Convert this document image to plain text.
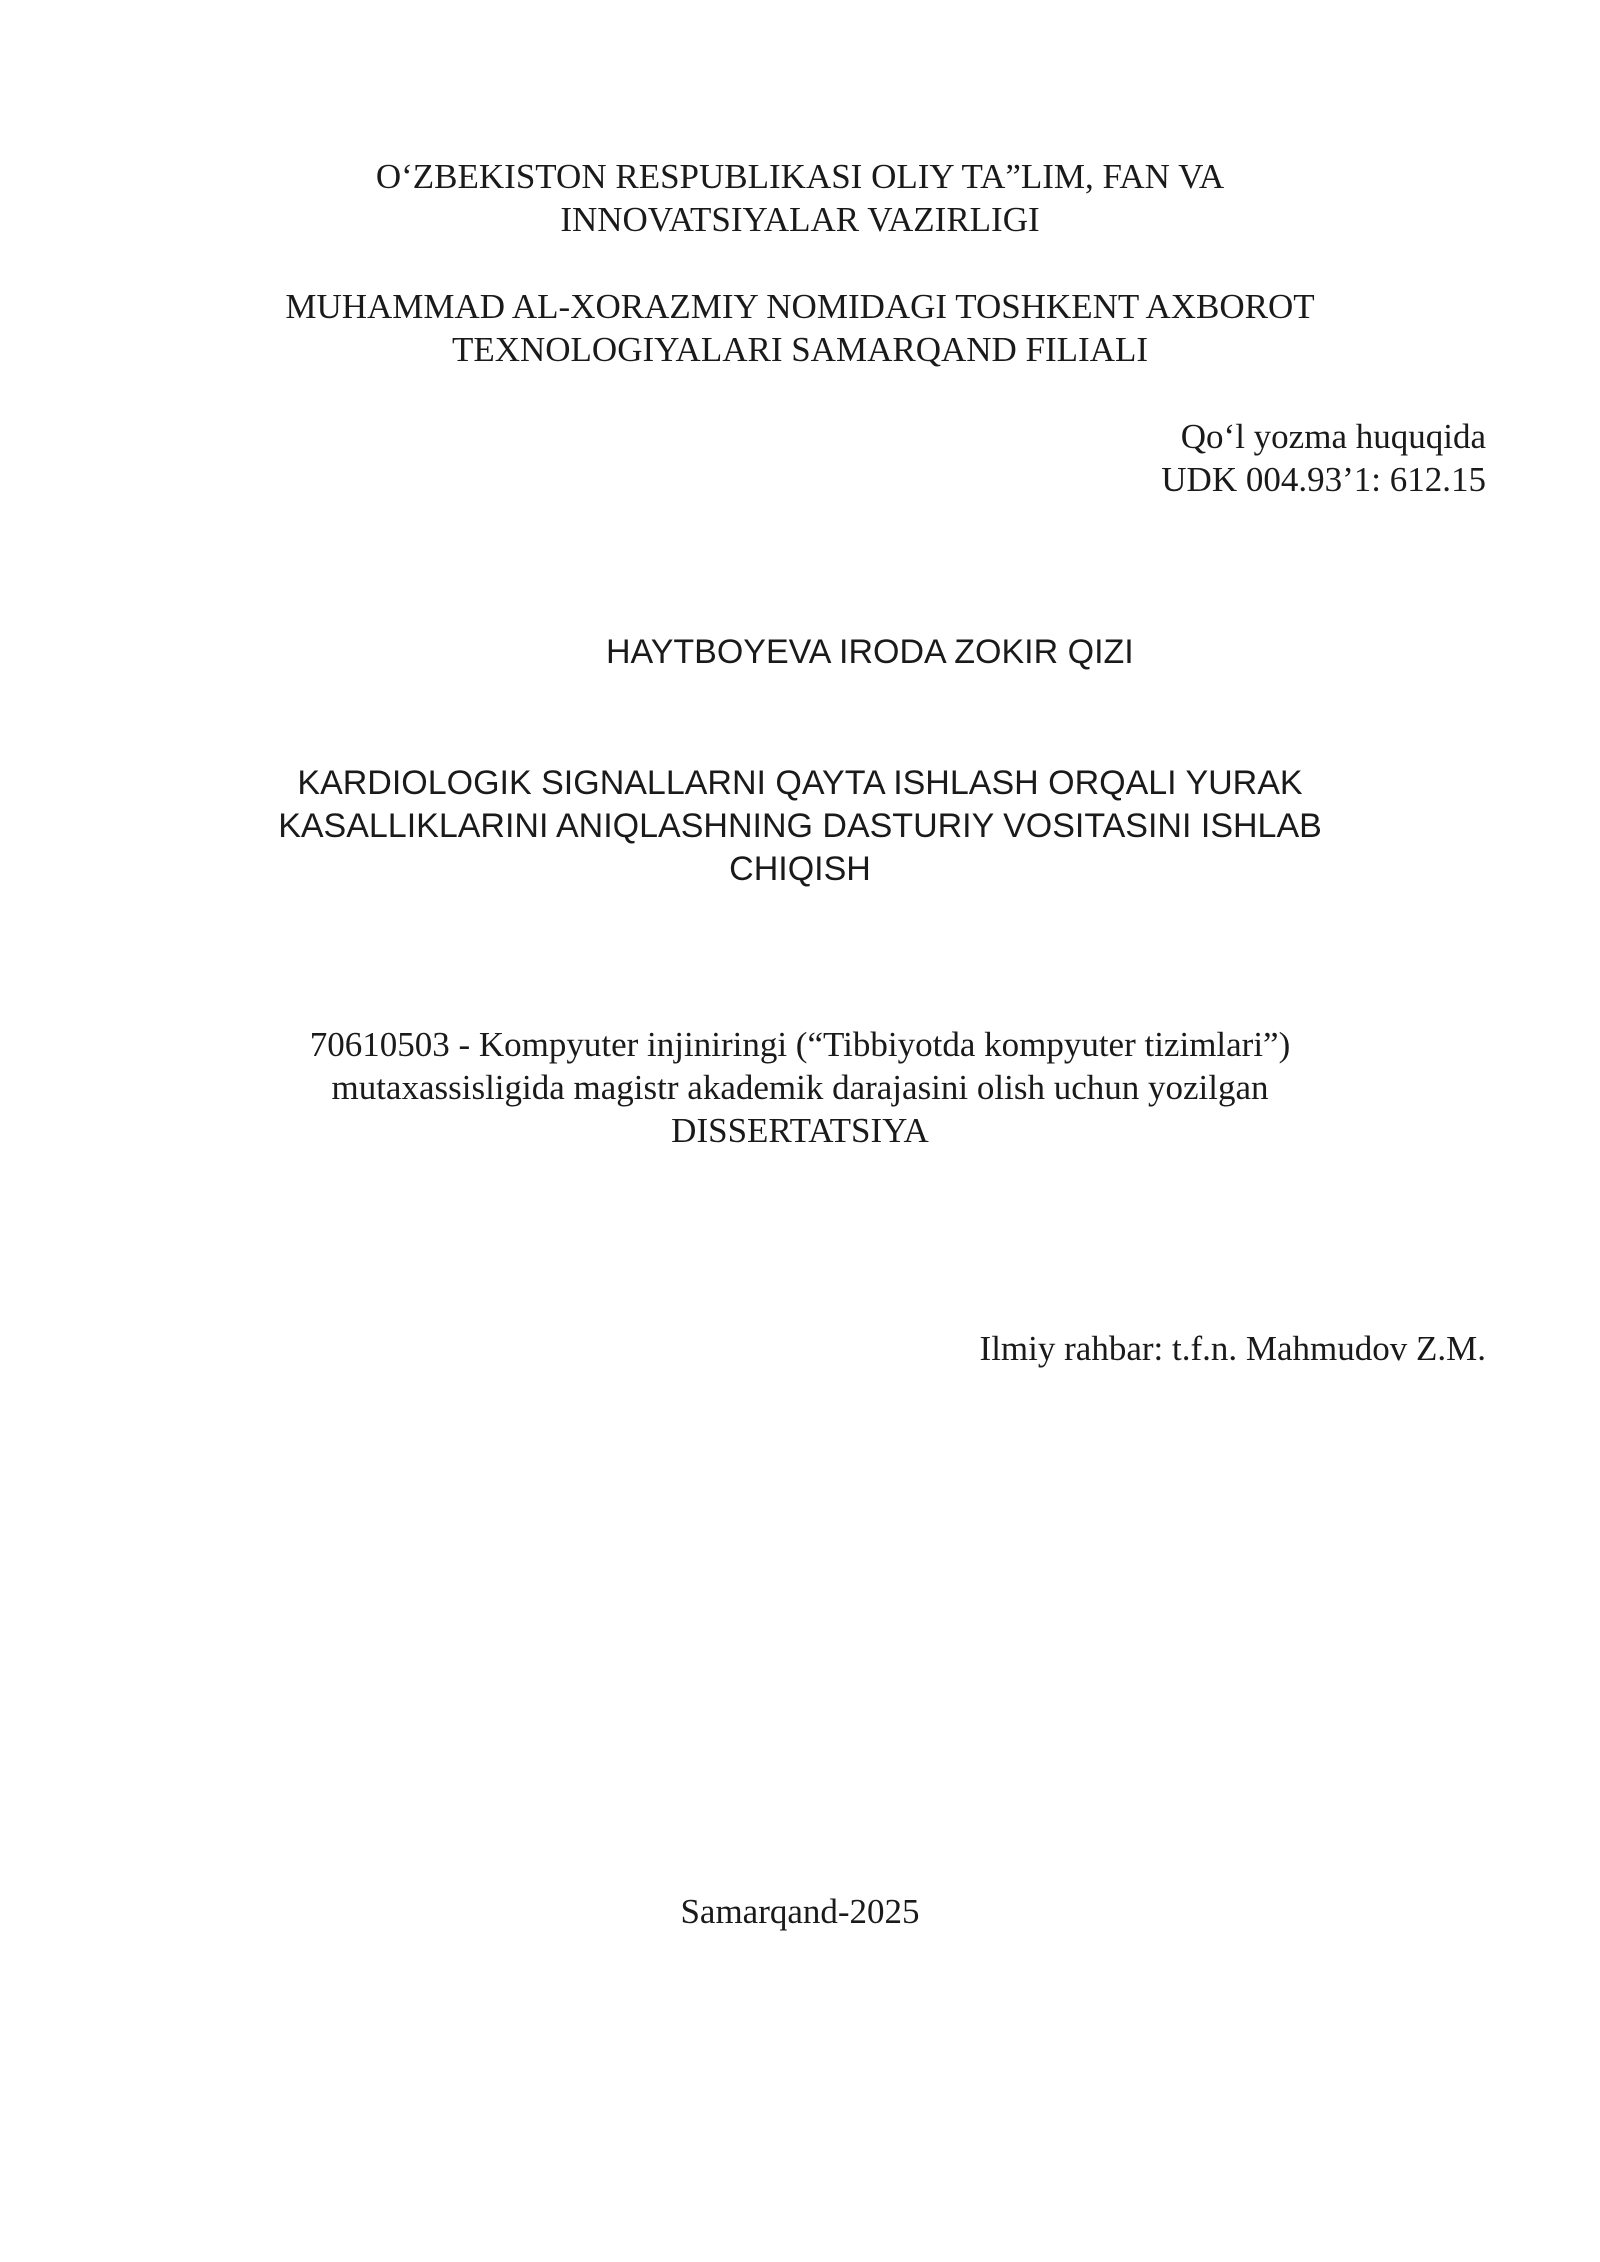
O‘ZBEKISTON RESPUBLIKASI OLIY TA”LIM, FAN VA
INNOVATSIYALAR VAZIRLIGI
MUHAMMAD AL-XORAZMIY NOMIDAGI TOSHKENT AXBOROT
TEXNOLOGIYALARI SAMARQAND FILIALI
Qo‘l yozma huquqida
UDK 004.93’1: 612.15
HAYTBOYEVA IRODA ZOKIR QIZI
KARDIOLOGIK SIGNALLARNI QAYTA ISHLASH ORQALI YURAK
KASALLIKLARINI ANIQLASHNING DASTURIY VOSITASINI ISHLAB
CHIQISH
70610503 - Kompyuter injiniringi (“Tibbiyotda kompyuter tizimlari”)
mutaxassisligida magistr akademik darajasini olish uchun yozilgan
DISSERTATSIYA
Ilmiy rahbar: t.f.n. Mahmudov Z.M.
Samarqand-2025
